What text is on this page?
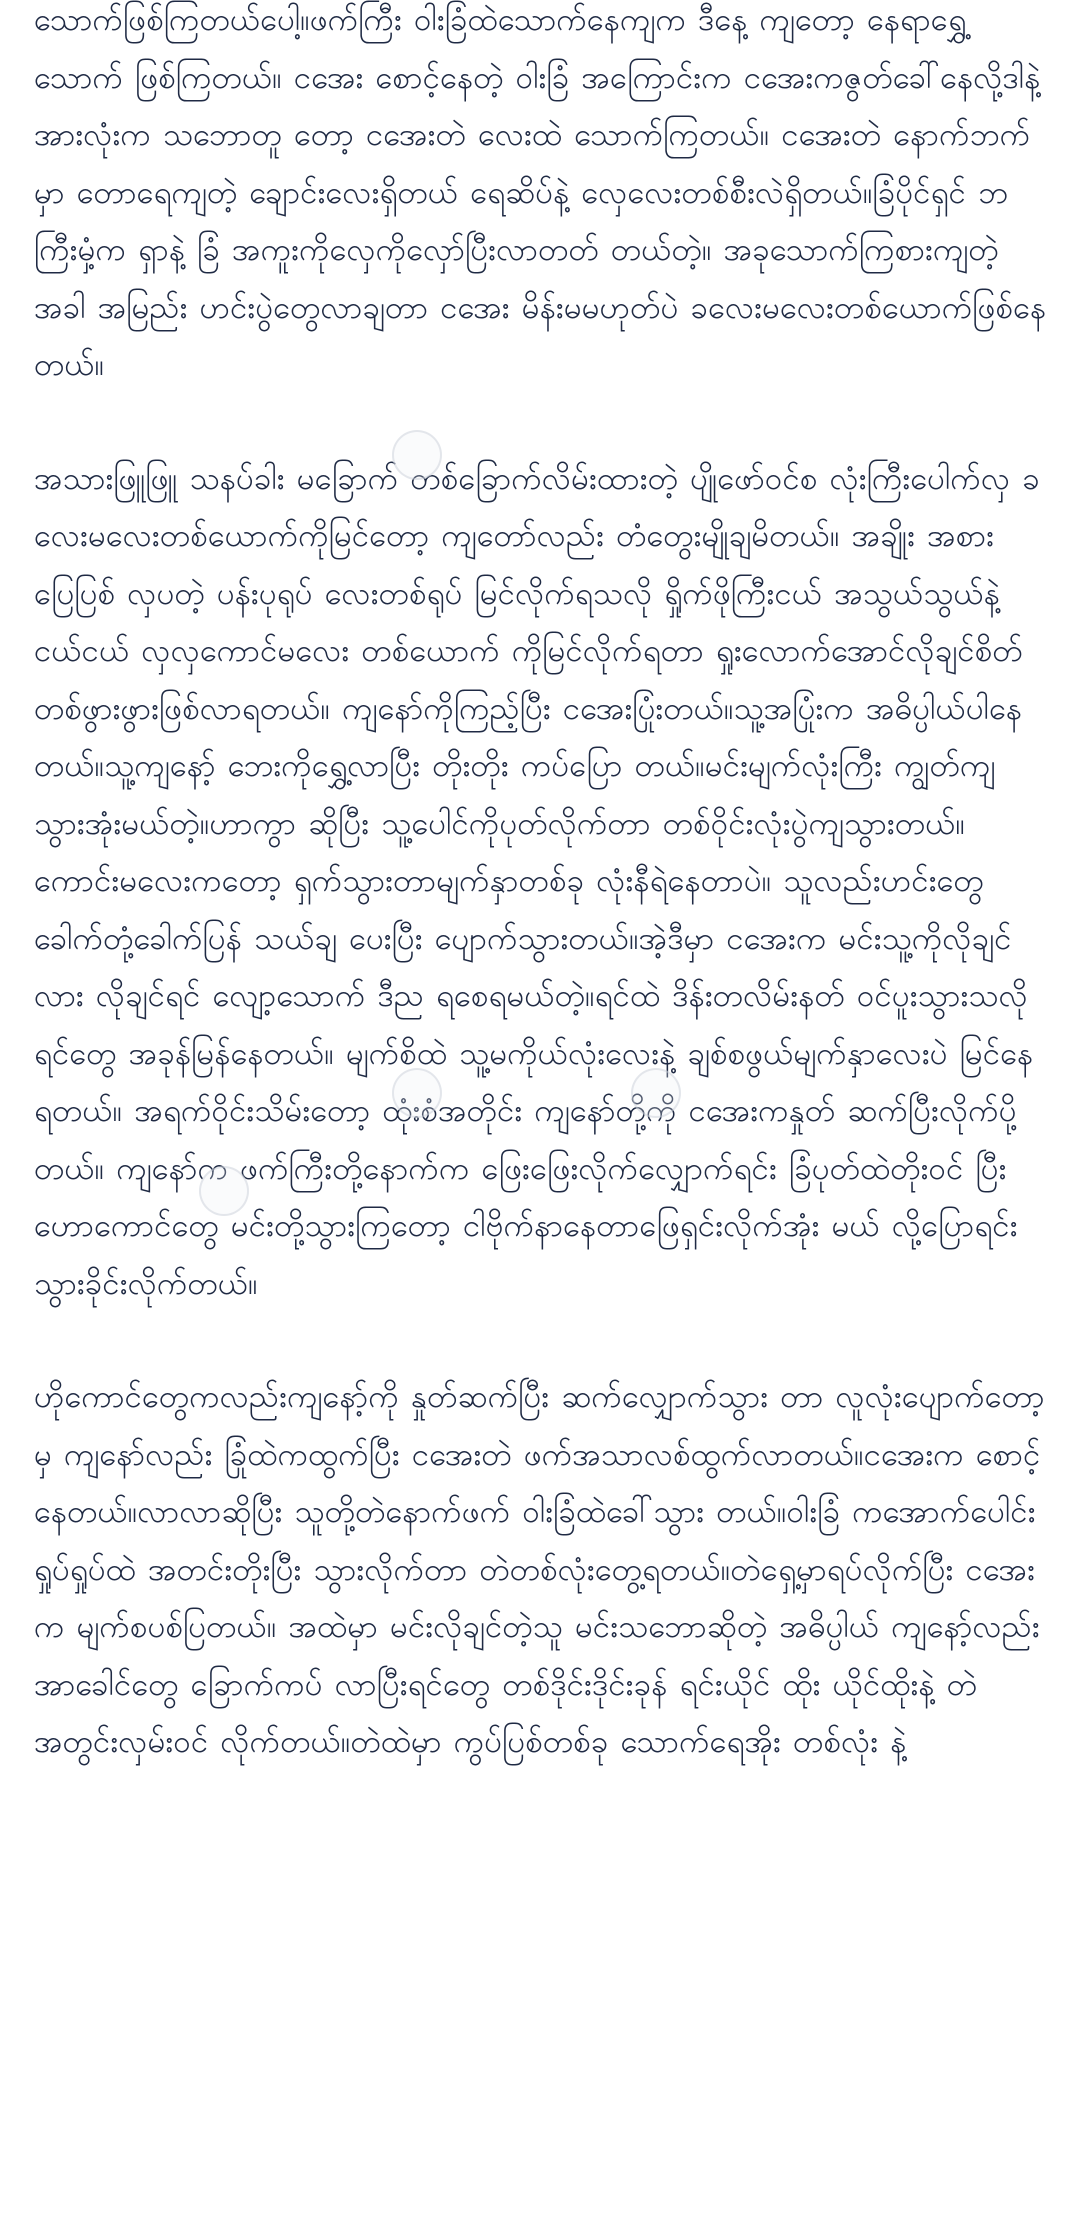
သောက်ဖြစ်ကြတယ်ပေါ့။ဖက်ကြီး ဝါးခြံထဲသောက်နေကျက ဒီနေ့ ကျတော့ နေရာရွှေ့သောက် ဖြစ်ကြတယ်။ ငအေး စောင့်နေတဲ့ ဝါးခြံ အကြောင်းက ငအေးကဇွတ်ခေါ်နေလို့ဒါနဲ့ အားလုံးက သဘောတူ တော့ ငအေးတဲ လေးထဲ သောက်ကြတယ်။ ငအေးတဲ နောက်ဘက်မှာ တောရေကျတဲ့ ချောင်းလေးရှိတယ် ရေဆိပ်နဲ့ လှေလေးတစ်စီးလဲရှိတယ်။ခြံပိုင်ရှင် ဘကြီးမှံ့က ရှာနဲ့ ခြံ အကူးကိုလှေကိုလှော်ပြီးလာတတ် တယ်တဲ့။ အခုသောက်ကြစားကျတဲ့အခါ အမြည်း ဟင်းပွဲတွေလာချတာ ငအေး မိန်းမမဟုတ်ပဲ ခလေးမလေးတစ်ယောက်ဖြစ်နေတယ်။

အသားဖြူဖြူ သနပ်ခါး မခြောက် တစ်ခြောက်လိမ်းထားတဲ့ ပျိုဖော်ဝင်စ လုံးကြီးပေါက်လှ ခလေးမလေးတစ်ယောက်ကိုမြင်တော့ ကျတော်လည်း တံတွေးမျိုချမိတယ်။ အချိုး အစား ပြေပြစ် လှပတဲ့ ပန်းပုရုပ် လေးတစ်ရုပ် မြင်လိုက်ရသလို ရှိုက်ဖိုကြီးငယ် အသွယ်သွယ်နဲ့ ငယ်ငယ် လှလှကောင်မလေး တစ်ယောက် ကိုမြင်လိုက်ရတာ ရှုးလောက်အောင်လိုချင်စိတ် တစ်ဖွားဖွားဖြစ်လာရတယ်။ ကျနော်ကိုကြည့်ပြီး ငအေးပြုံးတယ်။သူ့အပြုံးက အဓိပ္ပါယ်ပါနေ တယ်။သူ့ကျနော့် ဘေးကိုရွှေ့လာပြီး တိုးတိုး ကပ်ပြော တယ်။မင်းမျက်လုံးကြီး ကျွတ်ကျ သွားအုံးမယ်တဲ့။ဟာကွာ ဆိုပြီး သူ့ပေါင်ကိုပုတ်လိုက်တာ တစ်ဝိုင်းလုံးပွဲကျသွားတယ်။ ကောင်းမလေးကတော့ ရှက်သွားတာမျက်နှာတစ်ခု လုံးနီရဲနေတာပဲ။ သူလည်းဟင်းတွေ ခေါက်တုံ့ခေါက်ပြန် သယ်ချ ပေးပြီး ပျောက်သွားတယ်။အဲ့ဒီမှာ ငအေးက မင်းသူ့ကိုလိုချင်လား လိုချင်ရင် လျော့သောက် ဒီည ရစေရမယ်တဲ့။ရင်ထဲ ဒိန်းတလိမ်းနတ် ဝင်ပူးသွားသလို ရင်တွေ အခုန်မြန်နေတယ်။ မျက်စိထဲ သူ့မကိုယ်လုံးလေးနဲ့ ချစ်စဖွယ်မျက်နှာလေးပဲ မြင်နေရတယ်။ အရက်ဝိုင်းသိမ်းတော့ ထုံးစံအတိုင်း ကျနော်တို့ကို ငအေးကနှုတ် ဆက်ပြီးလိုက်ပို့တယ်။ ကျနော်က ဖက်ကြီးတို့နောက်က ဖြေးဖြေးလိုက်လျှောက်ရင်း ခြံပုတ်ထဲတိုးဝင် ပြီး ဟောကောင်တွေ မင်းတို့သွားကြတော့ ငါဗိုက်နာနေတာဖြေရှင်းလိုက်အုံး မယ် လို့ပြောရင်း သွားခိုင်းလိုက်တယ်။

ဟိုကောင်တွေကလည်းကျနော့်ကို နှုတ်ဆက်ပြီး ဆက်လျှောက်သွား တာ လူလုံးပျောက်တော့မှ ကျနော်လည်း ခြုံထဲကထွက်ပြီး ငအေးတဲ ဖက်အသာလစ်ထွက်လာတယ်။ငအေးက စောင့်နေတယ်။လာလာဆိုပြီး သူတို့တဲနောက်ဖက် ဝါးခြံထဲခေါ်သွား တယ်။ဝါးခြံ ကအောက်ပေါင်း ရှုပ်ရှုပ်ထဲ အတင်းတိုးပြီး သွားလိုက်တာ တဲတစ်လုံးတွေ့ရတယ်။တဲရှေ့မှာရပ်လိုက်ပြီး ငအေးက မျက်စပစ်ပြတယ်။ အထဲမှာ မင်းလိုချင်တဲ့သူ မင်းသဘောဆိုတဲ့ အဓိပ္ပါယ် ကျနော့်လည်းအာခေါင်တွေ ခြောက်ကပ် လာပြီးရင်တွေ တစ်ဒိုင်းဒိုင်းခုန် ရင်းယိုင် ထိုး ယိုင်ထိုးနဲ့ တဲအတွင်းလှမ်းဝင် လိုက်တယ်။တဲထဲမှာ ကွပ်ပြစ်တစ်ခု သောက်ရေအိုး တစ်လုံး နဲ့
